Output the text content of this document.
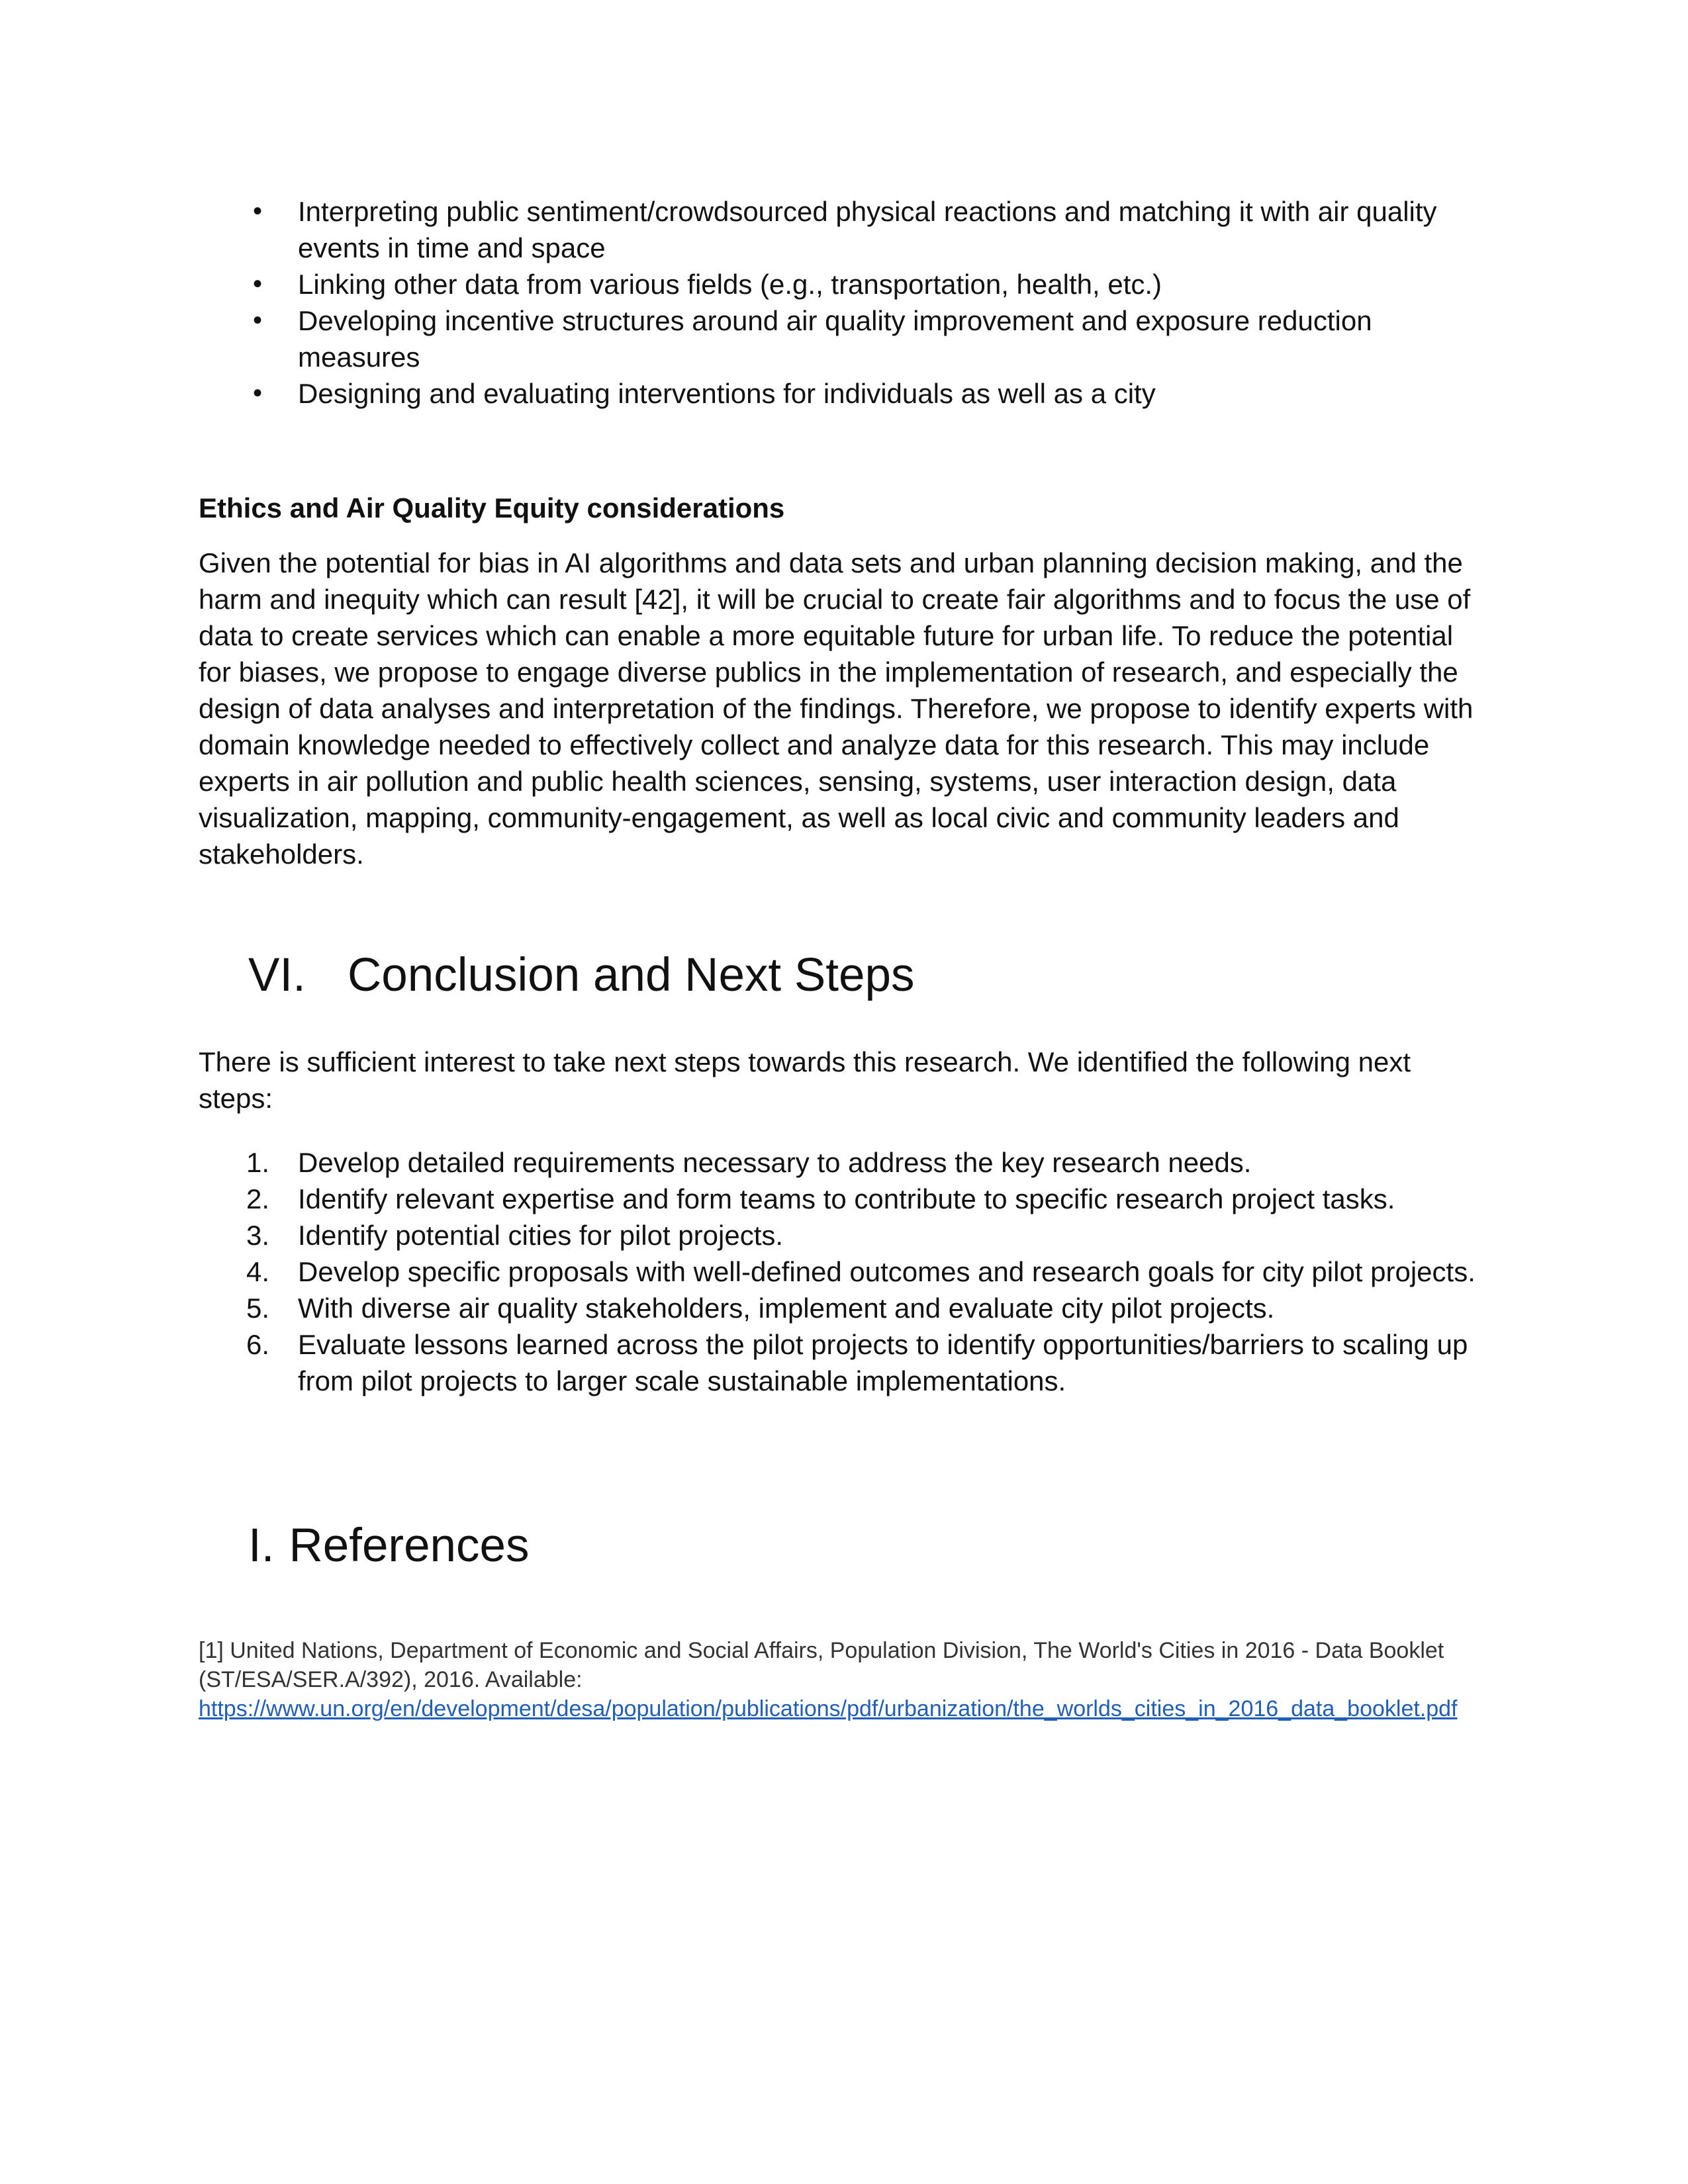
• Interpreting public sentiment/crowdsourced physical reactions and matching it with air quality events in time and space
• Linking other data from various fields (e.g., transportation, health, etc.)
• Developing incentive structures around air quality improvement and exposure reduction measures
• Designing and evaluating interventions for individuals as well as a city
Ethics and Air Quality Equity considerations

Given the potential for bias in AI algorithms and data sets and urban planning decision making, and the harm and inequity which can result [42], it will be crucial to create fair algorithms and to focus the use of data to create services which can enable a more equitable future for urban life. To reduce the potential for biases, we propose to engage diverse publics in the implementation of research, and especially the design of data analyses and interpretation of the findings. Therefore, we propose to identify experts with domain knowledge needed to effectively collect and analyze data for this research. This may include experts in air pollution and public health sciences, sensing, systems, user interaction design, data visualization, mapping, community-engagement, as well as local civic and community leaders and stakeholders.

VI. Conclusion and Next Steps

There is sufficient interest to take next steps towards this research. We identified the following next steps:

1.	Develop detailed requirements necessary to address the key research needs.
2.	Identify relevant expertise and form teams to contribute to specific research project tasks.
3.	Identify potential cities for pilot projects.
4.	Develop specific proposals with well-defined outcomes and research goals for city pilot projects.
5.	With diverse air quality stakeholders, implement and evaluate city pilot projects.
6.	Evaluate lessons learned across the pilot projects to identify opportunities/barriers to scaling up from pilot projects to larger scale sustainable implementations.
I. References
[1] United Nations, Department of Economic and Social Affairs, Population Division, The World's Cities in 2016 - Data Booklet (ST/ESA/SER.A/392), 2016. Available:
https://www.un.org/en/development/desa/population/publications/pdf/urbanization/the_worlds_cities_in_2016_data_booklet.pdf
